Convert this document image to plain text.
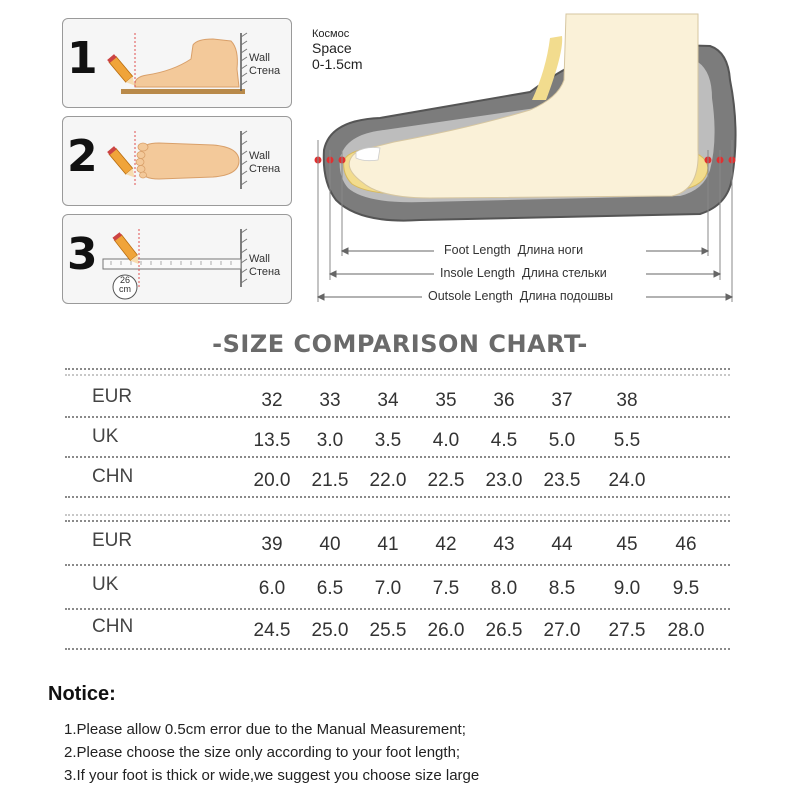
1	Wall
Стена
2	Wall
Стена
3	26
cm
Wall
Стена
Космос
Space
0-1.5cm
Foot Length Длина ноги
Insole Length Длина стельки
Outsole Length Длина подошвы
-SIZE COMPARISON CHART-
EUR	32	33	34	35	36	37	38
UK	13.5	3.0	3.5	4.0	4.5	5.0	5.5
CHN	20.0	21.5	22.0	22.5	23.0	23.5	24.0
EUR	39	40	41	42	43	44	45	46
UK	6.0	6.5	7.0	7.5	8.0	8.5	9.0	9.5
CHN	24.5	25.0	25.5	26.0	26.5	27.0	27.5	28.0
Notice:
1.Please allow 0.5cm error due to the Manual Measurement;
2.Please choose the size only according to your foot length;
3.If your foot is thick or wide,we suggest you choose size large
